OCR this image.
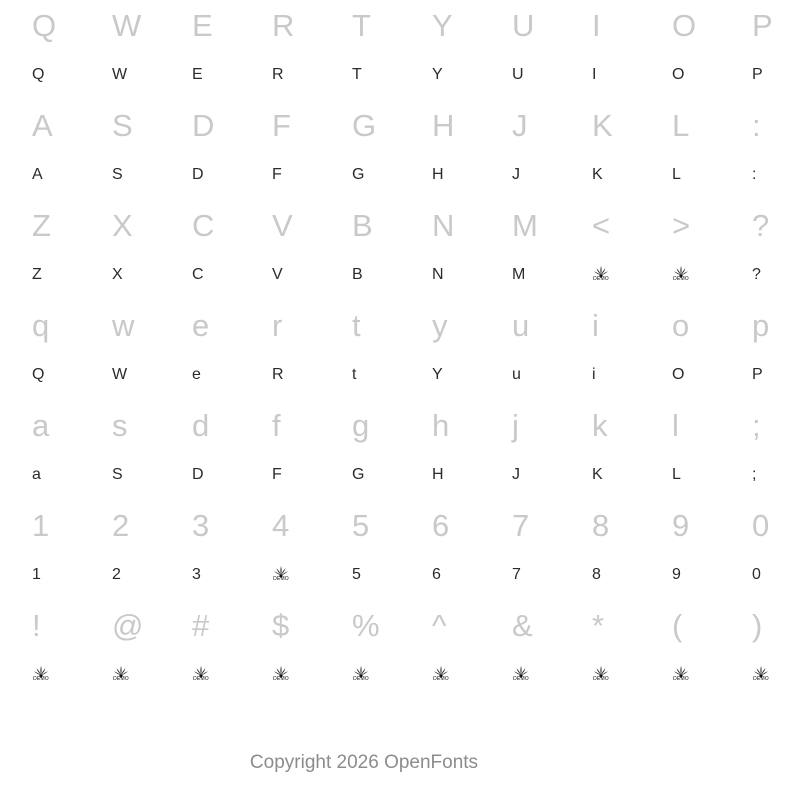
Q	W	E	R	T	Y	U	I	O	P
Q	W	E	R	T	Y	U	I	O	P
A	S	D	F	G	H	J	K	L	:
A	S	D	F	G	H	J	K	L	:
Z	X	C	V	B	N	M	<	>	?
Z	X	C	V	B	N	M	DEMO	DEMO	?
q	w	e	r	t	y	u	i	o	p
Q	W	e	R	t	Y	u	i	O	P
a	s	d	f	g	h	j	k	l	;
a	S	D	F	G	H	J	K	L	;
1	2	3	4	5	6	7	8	9	0
1	2	3	DEMO	5	6	7	8	9	0
!	@	#	$	%	^	&	*	(	)
DEMO	DEMO	DEMO	DEMO	DEMO	DEMO	DEMO	DEMO	DEMO	DEMO
Copyright 2026 OpenFonts
